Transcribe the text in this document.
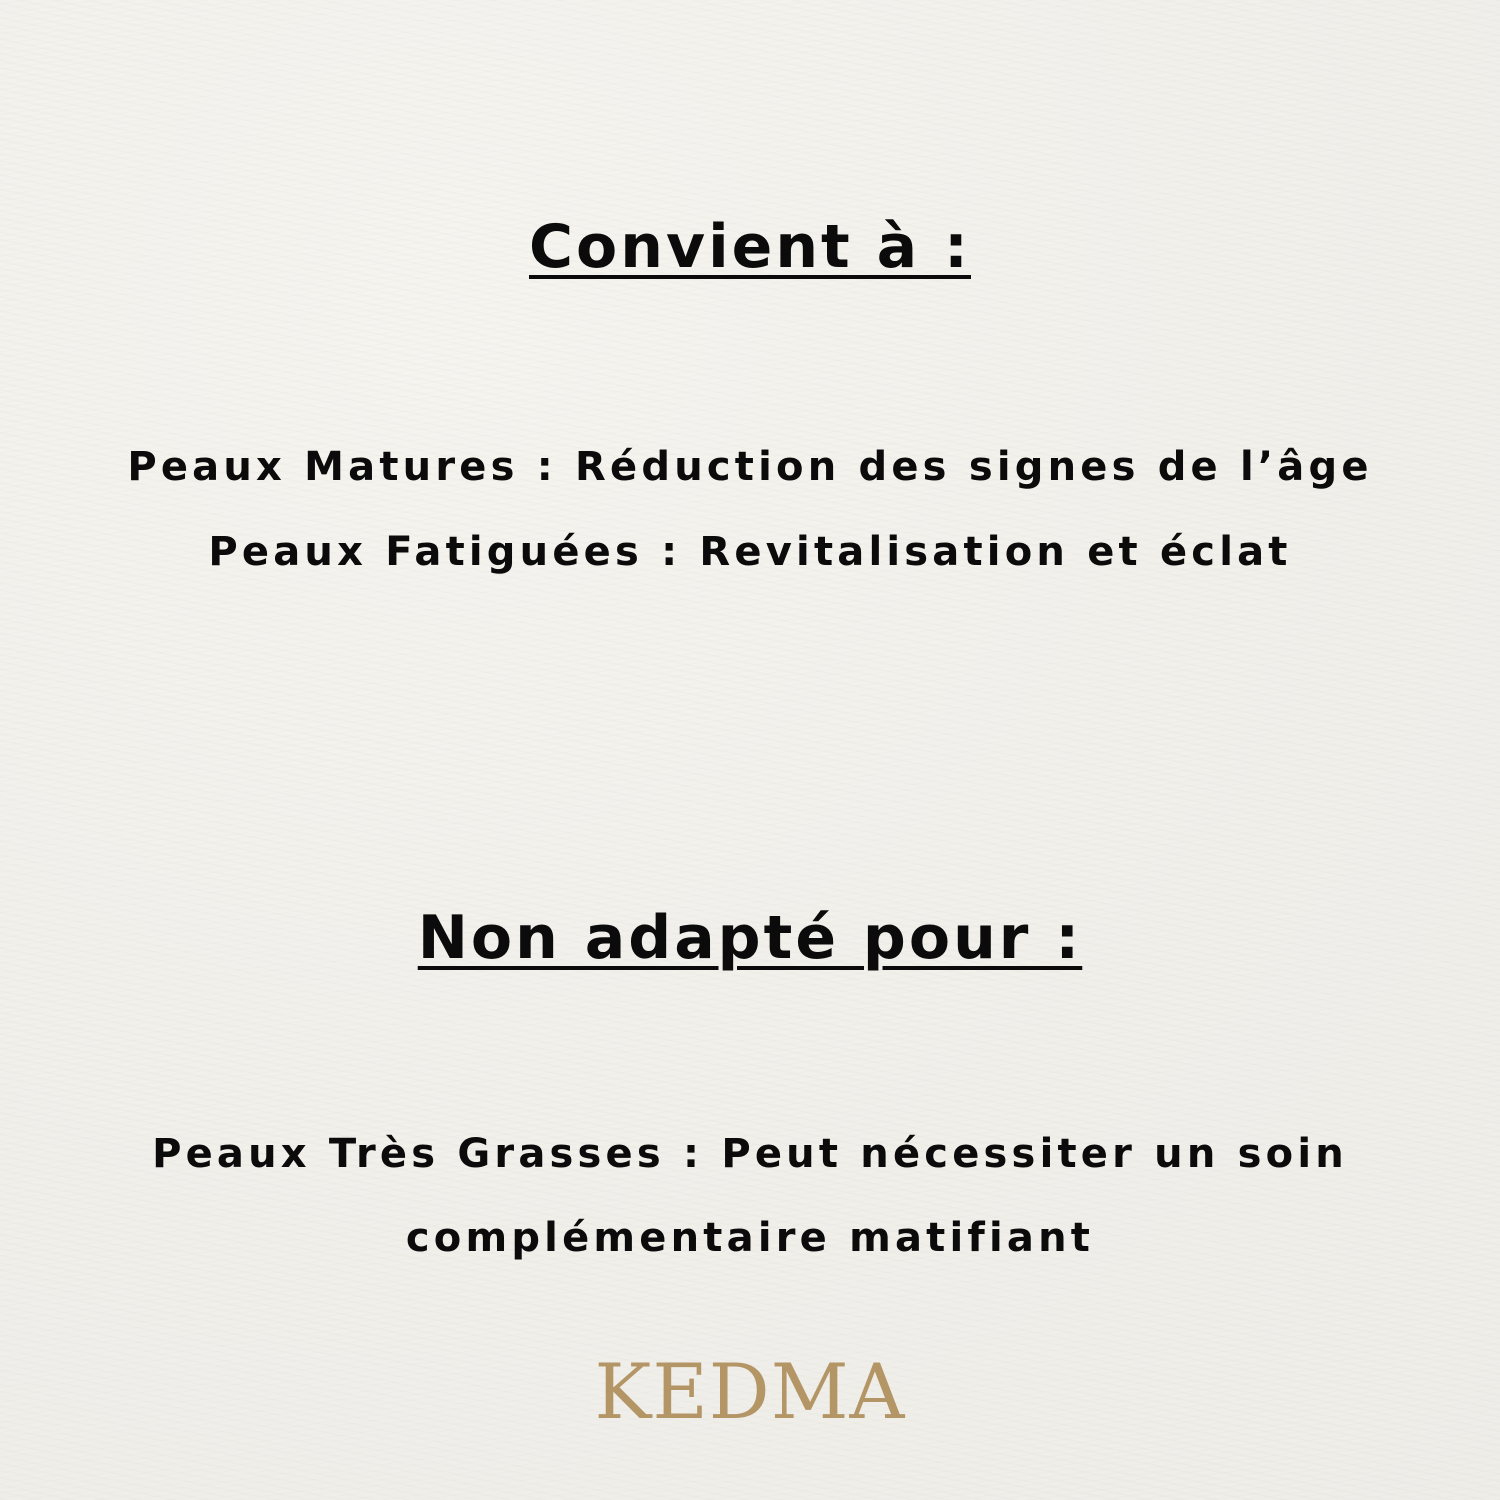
Convient à :

Peaux Matures : Réduction des signes de l’âge

Peaux Fatiguées : Revitalisation et éclat

Non adapté pour :

Peaux Très Grasses : Peut nécessiter un soin

complémentaire matifiant

KEDMA
